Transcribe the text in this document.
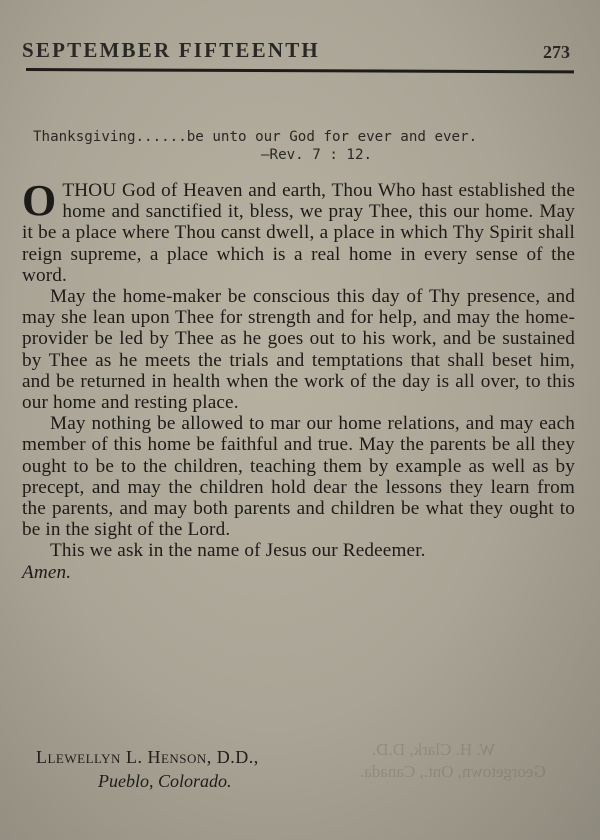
W. H. Clark, D.D.
Georgetown, Ont., Canada.
SEPTEMBER FIFTEENTH	273
Thanksgiving......be unto our God for ever and ever.
—Rev. 7 : 12.

O THOU God of Heaven and earth, Thou Who hast established the home and sanctified it, bless, we pray Thee, this our home. May it be a place where Thou canst dwell, a place in which Thy Spirit shall reign supreme, a place which is a real home in every sense of the word.

May the home-maker be conscious this day of Thy presence, and may she lean upon Thee for strength and for help, and may the home-provider be led by Thee as he goes out to his work, and be sustained by Thee as he meets the trials and temptations that shall beset him, and be returned in health when the work of the day is all over, to this our home and resting place.

May nothing be allowed to mar our home relations, and may each member of this home be faithful and true. May the parents be all they ought to be to the children, teaching them by example as well as by precept, and may the children hold dear the lessons they learn from the parents, and may both parents and children be what they ought to be in the sight of the Lord.

This we ask in the name of Jesus our Redeemer.
Amen.

Llewellyn L. Henson, D.D.,
Pueblo, Colorado.
